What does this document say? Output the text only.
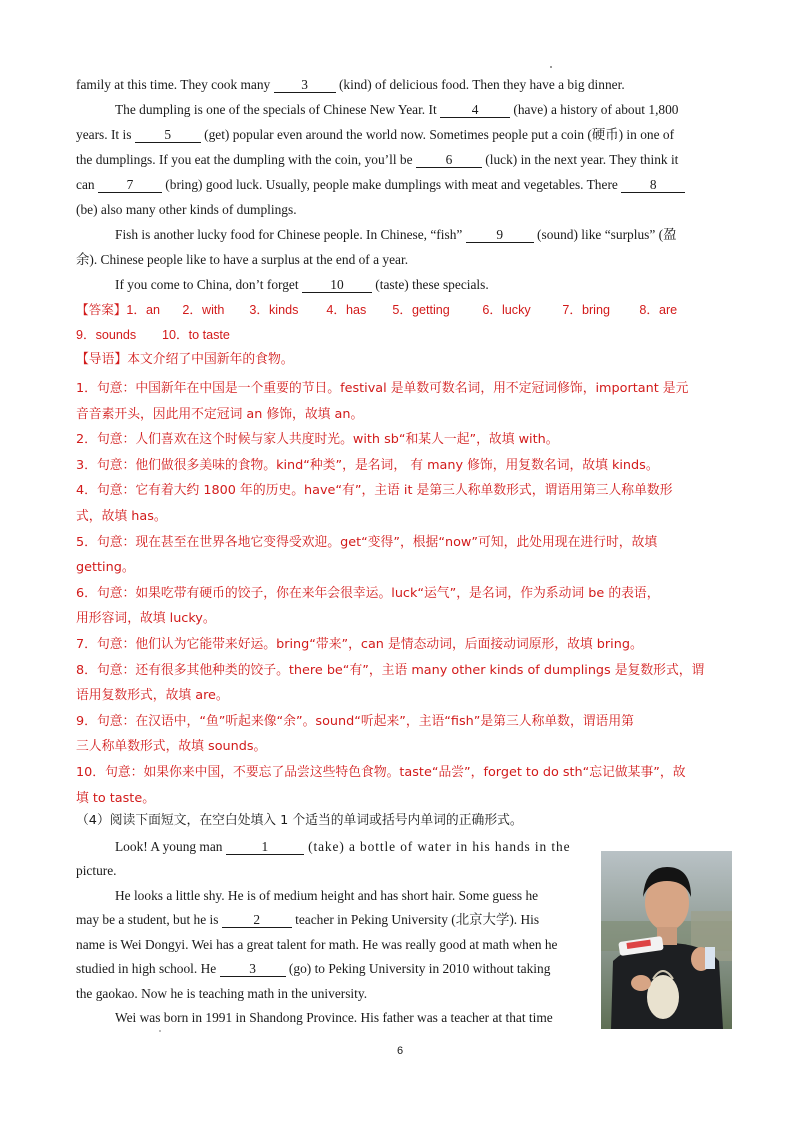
family at this time. They cook many 3 (kind) of delicious food. Then they have a big dinner.
The dumpling is one of the specials of Chinese New Year. It 4 (have) a history of about 1,800
years. It is 5 (get) popular even around the world now. Sometimes people put a coin (硬币) in one of
the dumplings. If you eat the dumpling with the coin, you’ll be 6 (luck) in the next year. They think it
can 7 (bring) good luck. Usually, people make dumplings with meat and vegetables. There 8
(be) also many other kinds of dumplings.
Fish is another lucky food for Chinese people. In Chinese, “fish” 9 (sound) like “surplus” (盈
余). Chinese people like to have a surplus at the end of a year.
If you come to China, don’t forget 10 (taste) these specials.
【答案】1．an 2．with 3．kinds 4．has 5．getting	6．lucky	7．bring 8．are
9．sounds 10．to taste
【导语】本文介绍了中国新年的食物。
1．句意：中国新年在中国是一个重要的节日。festival 是单数可数名词，用不定冠词修饰，important 是元
音音素开头，因此用不定冠词 an 修饰，故填 an。
2．句意：人们喜欢在这个时候与家人共度时光。with sb“和某人一起”，故填 with。
3．句意：他们做很多美味的食物。kind“种类”，是名词， 有 many 修饰，用复数名词，故填 kinds。
4．句意：它有着大约 1800 年的历史。have“有”，主语 it 是第三人称单数形式，谓语用第三人称单数形
式，故填 has。
5．句意：现在甚至在世界各地它变得受欢迎。get“变得”，根据“now”可知，此处用现在进行时，故填
getting。
6．句意：如果吃带有硬币的饺子，你在来年会很幸运。luck“运气”，是名词，作为系动词 be 的表语，
用形容词，故填 lucky。
7．句意：他们认为它能带来好运。bring“带来”，can 是情态动词，后面接动词原形，故填 bring。
8．句意：还有很多其他种类的饺子。there be“有”，主语 many other kinds of dumplings 是复数形式，谓
语用复数形式，故填 are。
9．句意：在汉语中，“鱼”听起来像“余”。sound“听起来”，主语“fish”是第三人称单数，谓语用第
三人称单数形式，故填 sounds。
10．句意：如果你来中国，不要忘了品尝这些特色食物。taste“品尝”，forget to do sth“忘记做某事”，故
填 to taste。
（4）阅读下面短文，在空白处填入 1 个适当的单词或括号内单词的正确形式。
Look! A young man	1	(take) a bottle of water in his hands in the
picture.
He looks a little shy. He is of medium height and has short hair. Some guess he
may be a student, but he is 2 teacher in Peking University (北京大学). His
name is Wei Dongyi. Wei has a great talent for math. He was really good at math when he
studied in high school. He 3 (go) to Peking University in 2010 without taking
the gaokao. Now he is teaching math in the university.
Wei was born in 1991 in Shandong Province. His father was a teacher at that time
6
